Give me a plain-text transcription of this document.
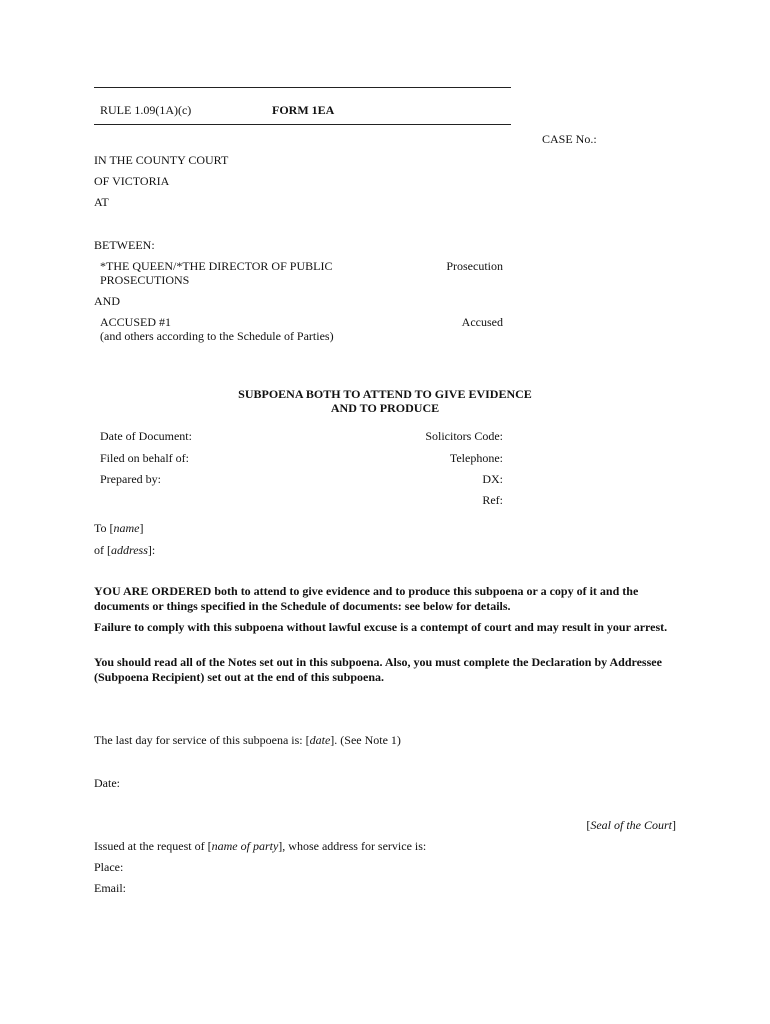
RULE 1.09(1A)(c)	FORM 1EA
CASE No.:
IN THE COUNTY COURT
OF VICTORIA
AT
BETWEEN:
*THE QUEEN/*THE DIRECTOR OF PUBLIC
PROSECUTIONS
Prosecution
AND
ACCUSED #1
(and others according to the Schedule of Parties)
Accused
SUBPOENA BOTH TO ATTEND TO GIVE EVIDENCE
AND TO PRODUCE
Date of Document:
Filed on behalf of:
Prepared by:
Solicitors Code:
Telephone:
DX:
Ref:
To [name]
of [address]:
YOU ARE ORDERED both to attend to give evidence and to produce this subpoena or a copy of it and the documents or things specified in the Schedule of documents: see below for details.
Failure to comply with this subpoena without lawful excuse is a contempt of court and may result in your arrest.
You should read all of the Notes set out in this subpoena. Also, you must complete the Declaration by Addressee (Subpoena Recipient) set out at the end of this subpoena.
The last day for service of this subpoena is: [date]. (See Note 1)
Date:
[Seal of the Court]
Issued at the request of [name of party], whose address for service is:
Place:
Email:
